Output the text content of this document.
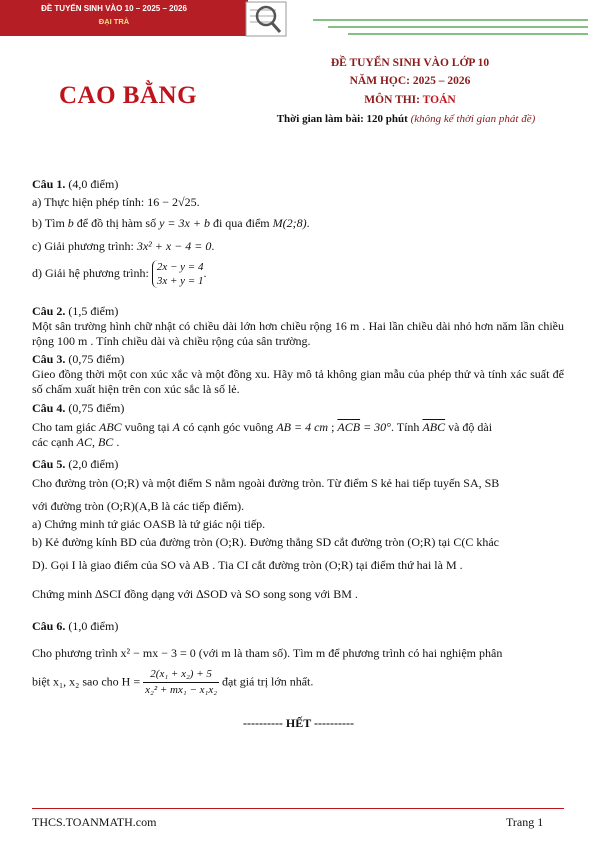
ĐỀ TUYỂN SINH VÀO 10 – 2025 – 2026
ĐẠI TRÀ
CAO BẰNG
ĐỀ TUYỂN SINH VÀO LỚP 10
NĂM HỌC: 2025 – 2026
MÔN THI: TOÁN
Thời gian làm bài: 120 phút (không kể thời gian phát đề)
Câu 1. (4,0 điểm)
a) Thực hiện phép tính: 16 − 2√25.
b) Tìm b để đồ thị hàm số y = 3x + b đi qua điểm M(2;8).
c) Giải phương trình: 3x² + x − 4 = 0.
d) Giải hệ phương trình: 2x − y = 4
3x + y = 1
.
Câu 2. (1,5 điểm)
Một sân trường hình chữ nhật có chiều dài lớn hơn chiều rộng 16 m . Hai lần chiều dài nhỏ hơn năm lần chiều rộng 100 m . Tính chiều dài và chiều rộng của sân trường.
Câu 3. (0,75 điểm)
Gieo đồng thời một con xúc xắc và một đồng xu. Hãy mô tả không gian mẫu của phép thử và tính xác suất để số chấm xuất hiện trên con xúc sắc là số lẻ.
Câu 4. (0,75 điểm)
Cho tam giác ABC vuông tại A có cạnh góc vuông AB = 4 cm ; $\overline{ACB} = 30^\circ$. Tính $\overline{ABC}$ và độ dài
các cạnh AC, BC .
Câu 5. (2,0 điểm)
Cho đường tròn (O;R) và một điểm S nằm ngoài đường tròn. Từ điểm S kẻ hai tiếp tuyến SA, SB
với đường tròn (O;R)(A,B là các tiếp điểm).
a) Chứng minh tứ giác OASB là tứ giác nội tiếp.
b) Kẻ đường kính BD của đường tròn (O;R). Đường thẳng SD cắt đường tròn (O;R) tại C(C khác
D). Gọi I là giao điểm của SO và AB . Tia CI cắt đường tròn (O;R) tại điểm thứ hai là M .
Chứng minh ∆SCI đồng dạng với ∆SOD và SO song song với BM .
Câu 6. (1,0 điểm)
Cho phương trình x² − mx − 3 = 0 (với m là tham số). Tìm m để phương trình có hai nghiệm phân
biệt x₁, x₂ sao cho $H = \frac{\text{2(x₁ + x₂) + 5}}{\text{x₂² + mx₁ − x₁x₂}}$ đạt giá trị lớn nhất.
---------- HẾT ----------
THCS.TOANMATH.com	Trang 1
